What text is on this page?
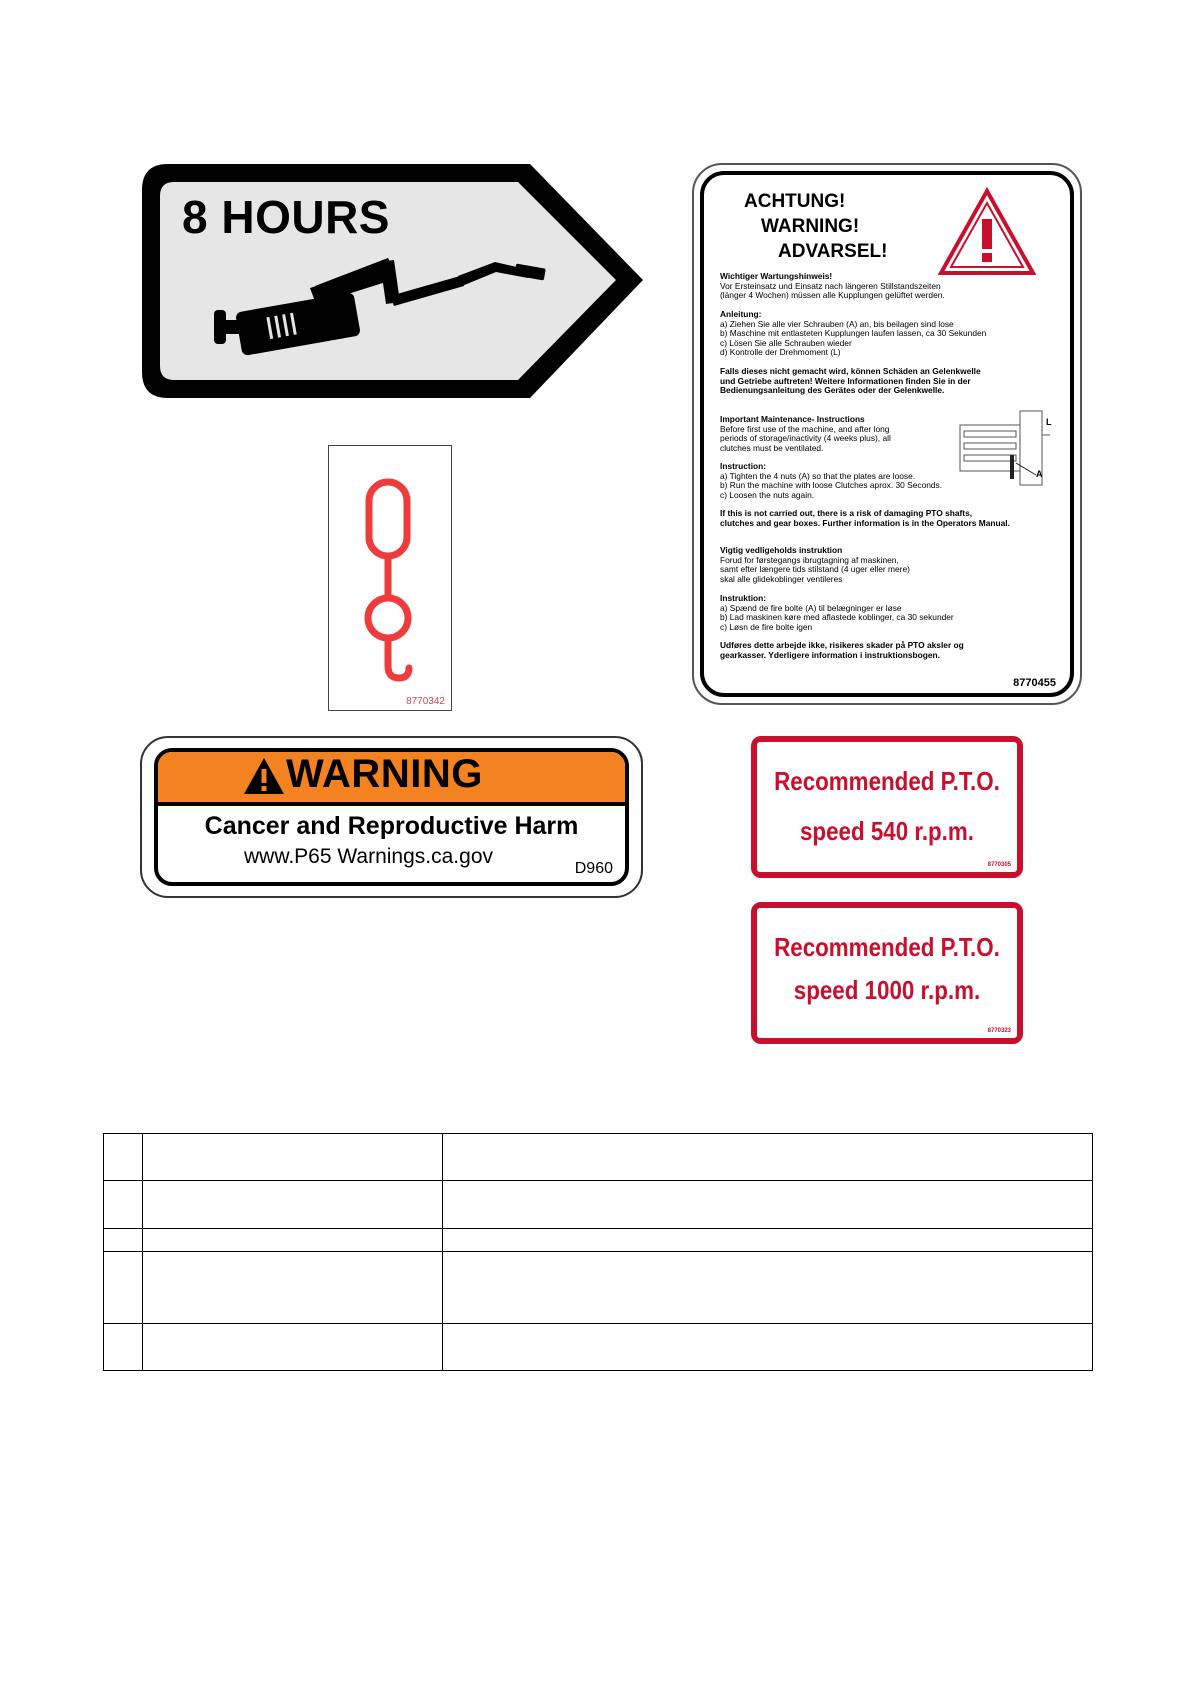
8 HOURS
8770342
ACHTUNG!
WARNING!
ADVARSEL!
Wichtiger Wartungshinweis!
Vor Ersteinsatz und Einsatz nach längeren Stillstandszeiten
(länger 4 Wochen) müssen alle Kupplungen gelüftet werden.
Anleitung:
a) Ziehen Sie alle vier Schrauben (A) an, bis beilagen sind lose
b) Maschine mit entlasteten Kupplungen laufen lassen, ca 30 Sekunden
c) Lösen Sie alle Schrauben wieder
d) Kontrolle der Drehmoment (L)
Falls dieses nicht gemacht wird, können Schäden an Gelenkwelle
und Getriebe auftreten! Weitere Informationen finden Sie in der
Bedienungsanleitung des Gerätes oder der Gelenkwelle.
Important Maintenance- Instructions
Before first use of the machine, and after long
periods of storage/inactivity (4 weeks plus), all
clutches must be ventilated.
L
A
Instruction:
a) Tighten the 4 nuts (A) so that the plates are loose.
b) Run the machine with loose Clutches aprox. 30 Seconds.
c) Loosen the nuts again.
If this is not carried out, there is a risk of damaging PTO shafts,
clutches and gear boxes. Further information is in the Operators Manual.
Vigtig vedligeholds instruktion
Forud for førstegangs ibrugtagning af maskinen,
samt efter længere tids stilstand (4 uger eller mere)
skal alle glidekoblinger ventileres
Instruktion:
a) Spænd de fire bolte (A) til belægninger er løse
b) Lad maskinen køre med aflastede koblinger, ca 30 sekunder
c) Løsn de fire bolte igen
Udføres dette arbejde ikke, risikeres skader på PTO aksler og
gearkasser. Yderligere information i instruktionsbogen.
8770455
WARNING
Cancer and Reproductive Harm
www.P65 Warnings.ca.gov
D960
Recommended P.T.O.
speed 540 r.p.m.
8770305
Recommended P.T.O.
speed 1000 r.p.m.
8770323
